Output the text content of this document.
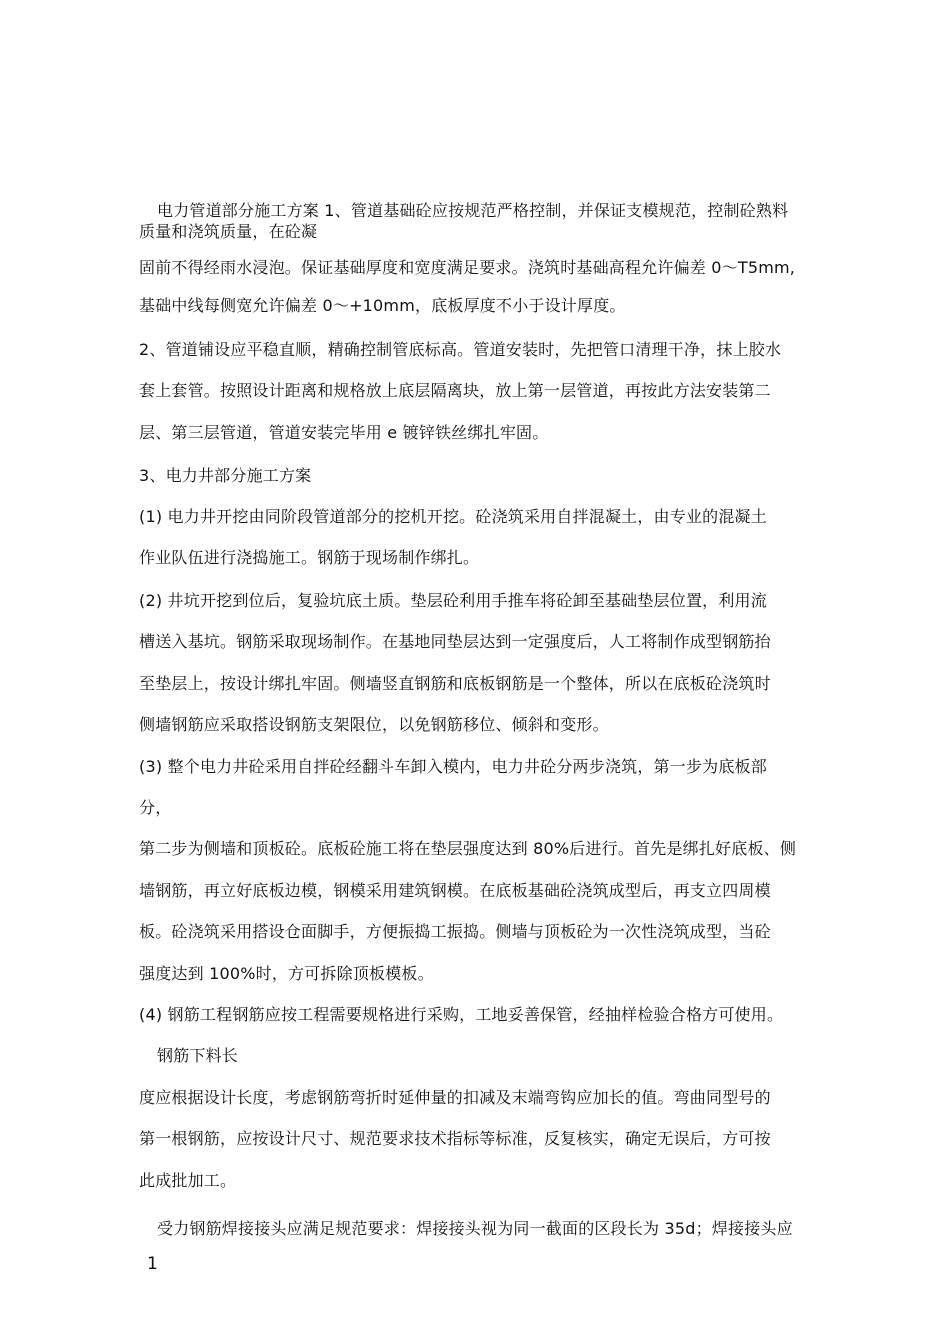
电力管道部分施工方案 1、管道基础砼应按规范严格控制，并保证支模规范，控制砼熟料
质量和浇筑质量，在砼凝
固前不得经雨水浸泡。保证基础厚度和宽度满足要求。浇筑时基础高程允许偏差 0～T5mm,
基础中线每侧宽允许偏差 0～+10mm，底板厚度不小于设计厚度。
2、管道铺设应平稳直顺，精确控制管底标高。管道安装时，先把管口清理干净，抹上胶水
套上套管。按照设计距离和规格放上底层隔离块，放上第一层管道，再按此方法安装第二
层、第三层管道，管道安装完毕用 e 镀锌铁丝绑扎牢固。
3、电力井部分施工方案
(1) 电力井开挖由同阶段管道部分的挖机开挖。砼浇筑采用自拌混凝土，由专业的混凝土
作业队伍进行浇捣施工。钢筋于现场制作绑扎。
(2) 井坑开挖到位后，复验坑底土质。垫层砼利用手推车将砼卸至基础垫层位置，利用流
槽送入基坑。钢筋采取现场制作。在基地同垫层达到一定强度后，人工将制作成型钢筋抬
至垫层上，按设计绑扎牢固。侧墙竖直钢筋和底板钢筋是一个整体，所以在底板砼浇筑时
侧墙钢筋应采取搭设钢筋支架限位，以免钢筋移位、倾斜和变形。
(3) 整个电力井砼采用自拌砼经翻斗车卸入模内，电力井砼分两步浇筑，第一步为底板部
分，
第二步为侧墙和顶板砼。底板砼施工将在垫层强度达到 80%后进行。首先是绑扎好底板、侧
墙钢筋，再立好底板边模，钢模采用建筑钢模。在底板基础砼浇筑成型后，再支立四周模
板。砼浇筑采用搭设仓面脚手，方便振捣工振捣。侧墙与顶板砼为一次性浇筑成型，当砼
强度达到 100%时，方可拆除顶板模板。
(4) 钢筋工程钢筋应按工程需要规格进行采购，工地妥善保管，经抽样检验合格方可使用。
钢筋下料长
度应根据设计长度，考虑钢筋弯折时延伸量的扣减及末端弯钩应加长的值。弯曲同型号的
第一根钢筋，应按设计尺寸、规范要求技术指标等标准，反复核实，确定无误后，方可按
此成批加工。
受力钢筋焊接接头应满足规范要求：焊接接头视为同一截面的区段长为 35d；焊接接头应
1
